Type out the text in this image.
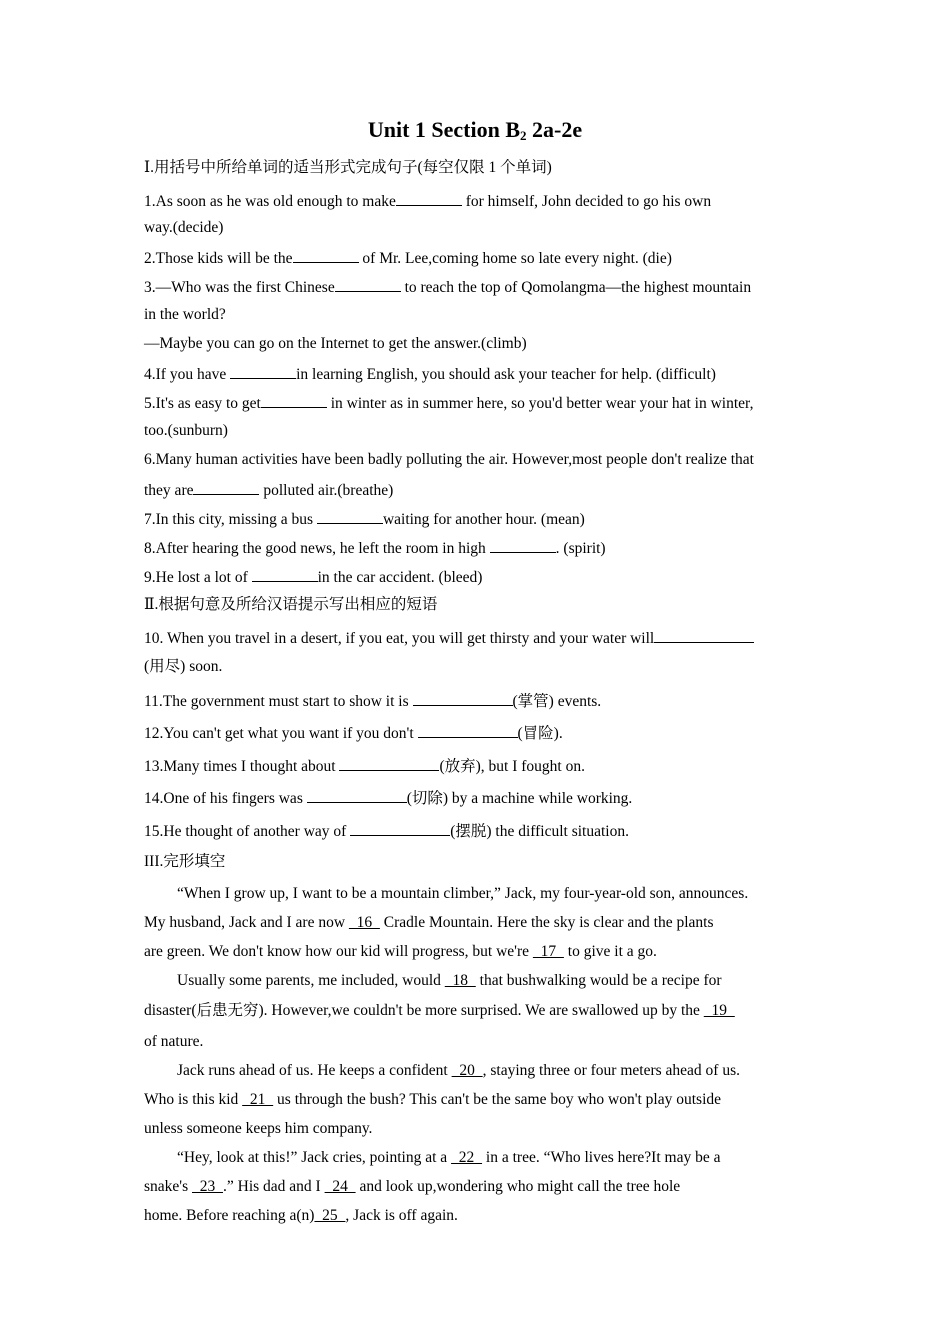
Unit 1 Section $B_2$ 2a-2e
Ⅰ.用括号中所给单词的适当形式完成句子(每空仅限 1 个单词)
1.As soon as he was old enough to make	for himself, John decided to go his own
way.(decide)
2.Those kids will be the	of Mr. Lee,coming home so late every night. (die)
3.—Who was the first Chinese	to reach the top of Qomolangma—the highest mountain
in the world?
—Maybe you can go on the Internet to get the answer.(climb)
4.If you have	in learning English, you should ask your teacher for help. (difficult)
5.It's as easy to get	in winter as in summer here, so you'd better wear your hat in winter,
too.(sunburn)
6.Many human activities have been badly polluting the air. However,most people don't realize that
they are	polluted air.(breathe)
7.In this city, missing a bus	waiting for another hour. (mean)
8.After hearing the good news, he left the room in high	. (spirit)
9.He lost a lot of	in the car accident. (bleed)
Ⅱ.根据句意及所给汉语提示写出相应的短语
10. When you travel in a desert, if you eat, you will get thirsty and your water will
(用尽) soon.
11.The government must start to show it is	(掌管) events.
12.You can't get what you want if you don't	(冒险).
13.Many times I thought about	(放弃), but I fought on.
14.One of his fingers was	(切除) by a machine while working.
15.He thought of another way of	(摆脱) the difficult situation.
III.完形填空
“When I grow up, I want to be a mountain climber,” Jack, my four-year-old son, announces.
My husband, Jack and I are now   16   Cradle Mountain. Here the sky is clear and the plants
are green. We don't know how our kid will progress, but we're   17   to give it a go.
Usually some parents, me included, would   18   that bushwalking would be a recipe for
disaster(后患无穷). However,we couldn't be more surprised. We are swallowed up by the   19
of nature.
Jack runs ahead of us. He keeps a confident   20  , staying three or four meters ahead of us.
Who is this kid   21   us through the bush? This can't be the same boy who won't play outside
unless someone keeps him company.
“Hey, look at this!” Jack cries, pointing at a   22   in a tree. “Who lives here?It may be a
snake's   23  .” His dad and I   24   and look up,wondering who might call the tree hole
home. Before reaching a(n)  25  , Jack is off again.
